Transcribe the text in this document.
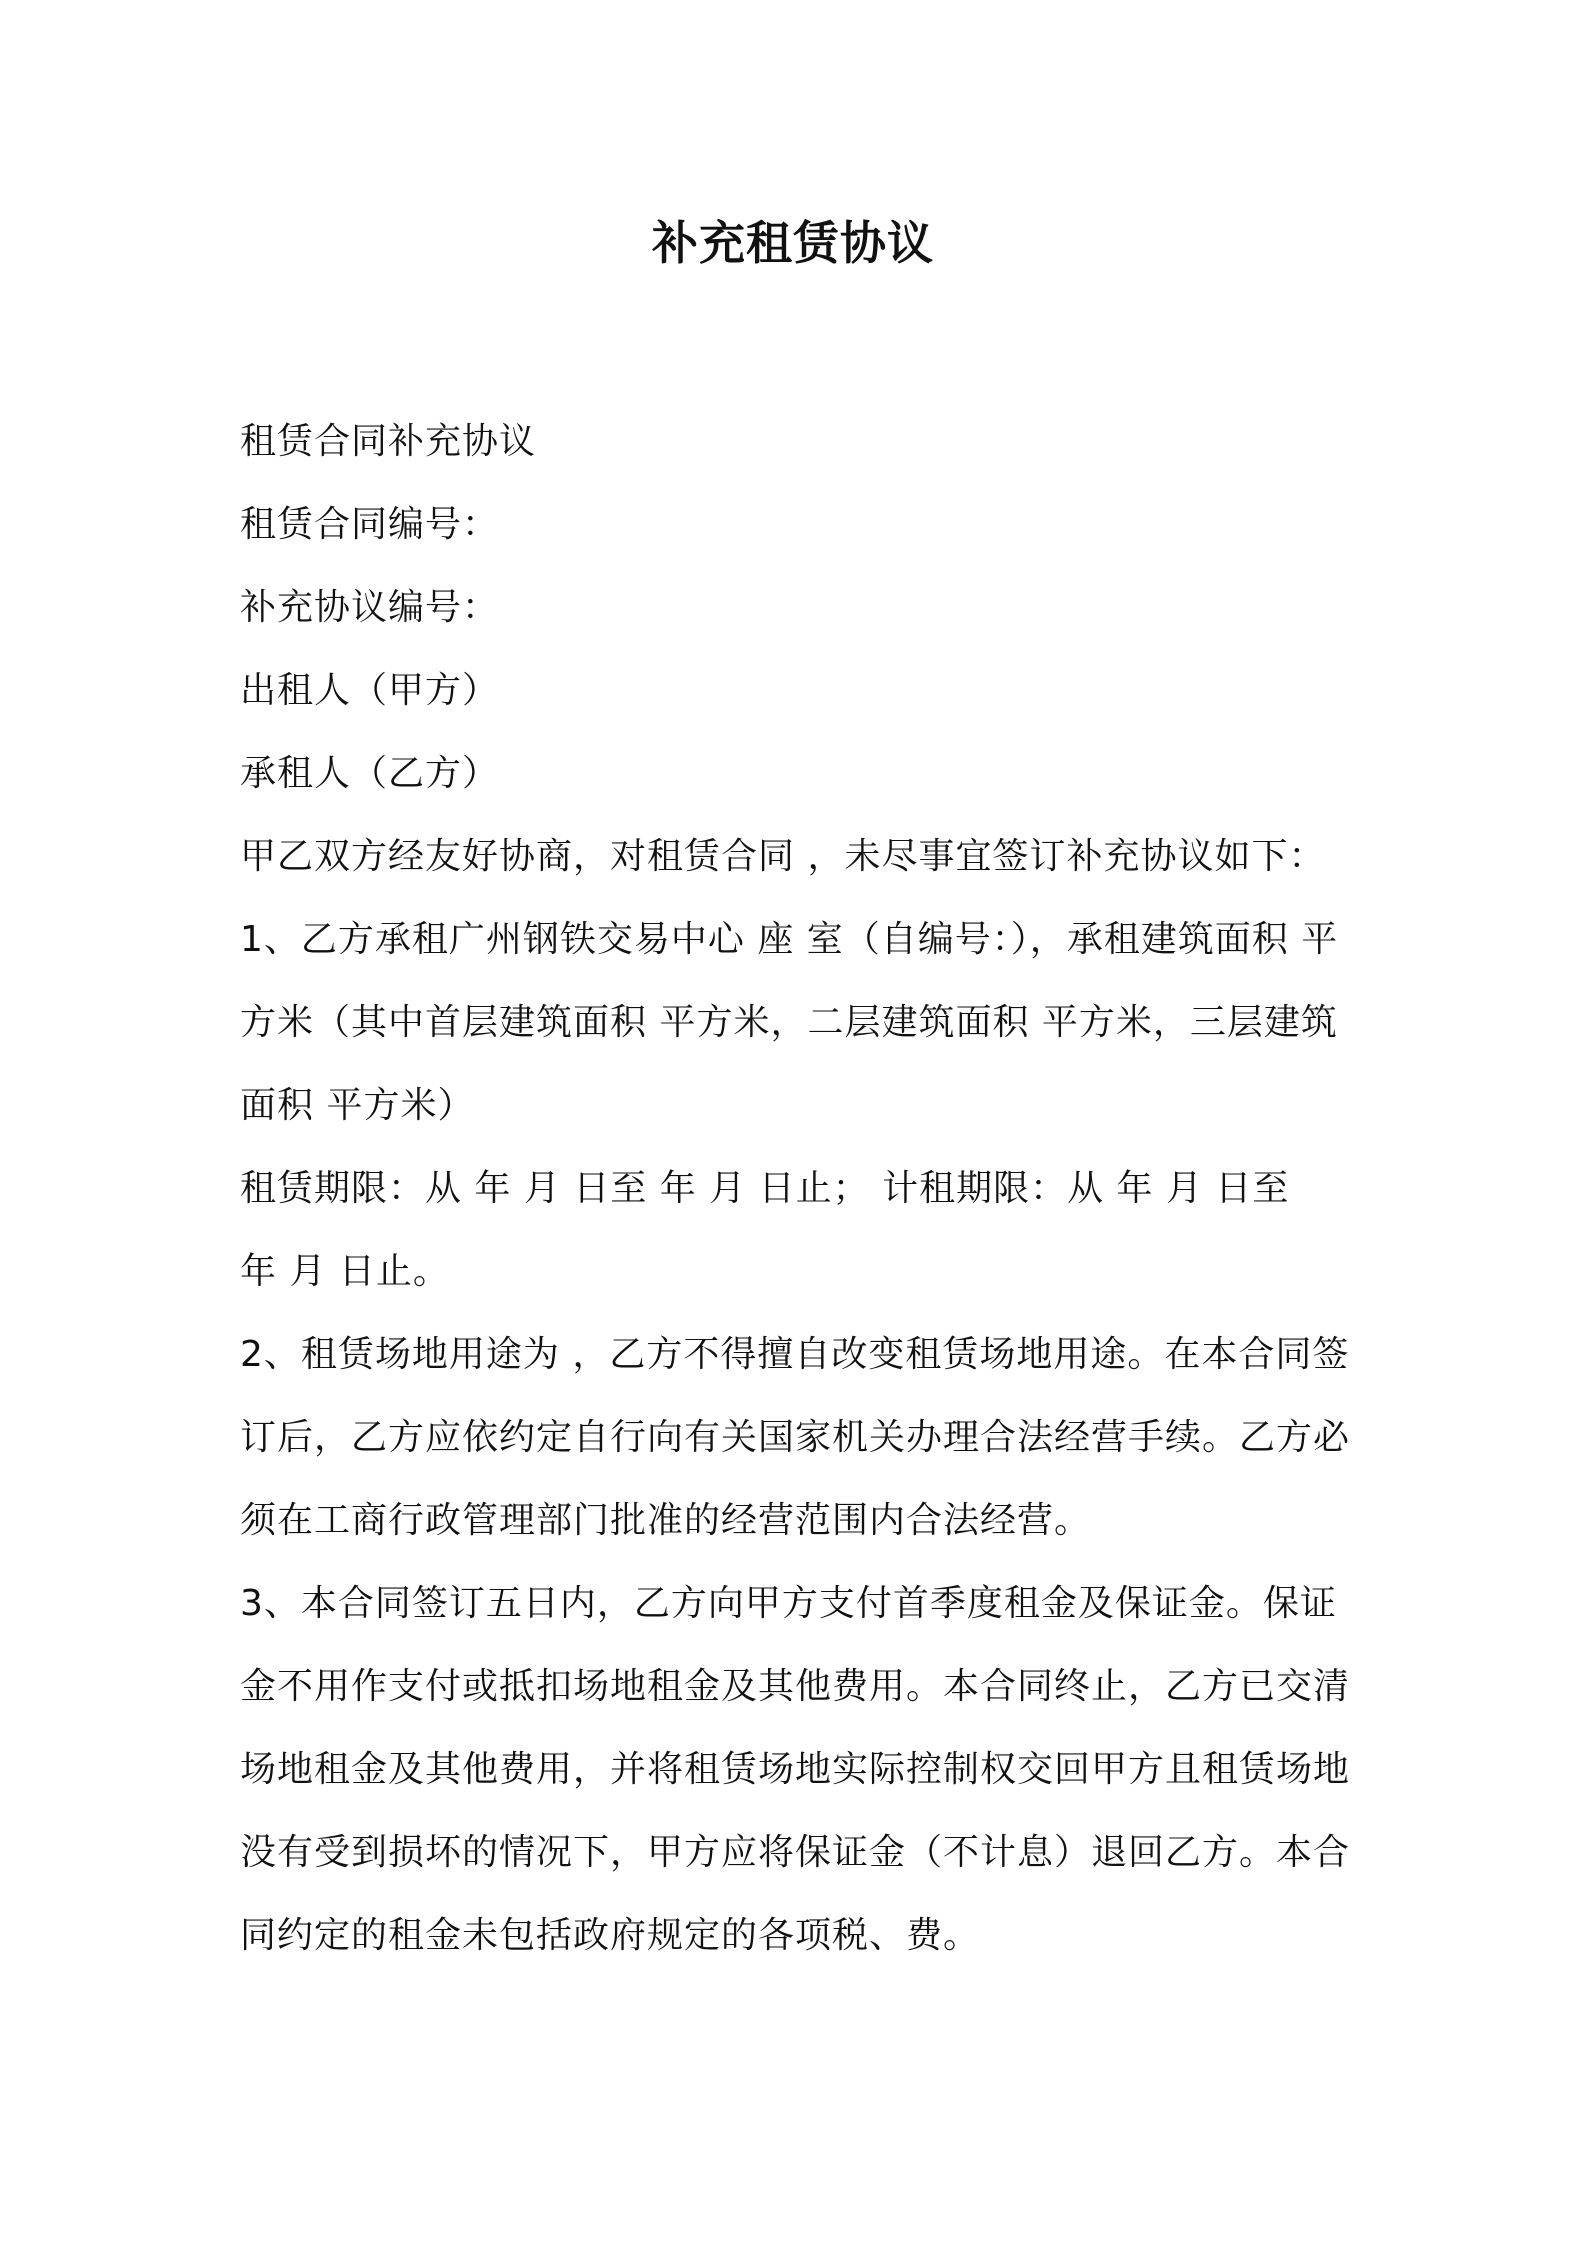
补充租赁协议
租赁合同补充协议
租赁合同编号：
补充协议编号：
出租人（甲方）
承租人（乙方）
甲乙双方经友好协商，对租赁合同 ，未尽事宜签订补充协议如下：
1、乙方承租广州钢铁交易中心 座 室（自编号：），承租建筑面积 平
方米（其中首层建筑面积 平方米，二层建筑面积 平方米，三层建筑
面积 平方米）
租赁期限：从 年 月 日至 年 月 日止； 计租期限：从 年 月 日至
年 月 日止。
2、租赁场地用途为 ，乙方不得擅自改变租赁场地用途。在本合同签
订后，乙方应依约定自行向有关国家机关办理合法经营手续。乙方必
须在工商行政管理部门批准的经营范围内合法经营。
3、本合同签订五日内，乙方向甲方支付首季度租金及保证金。保证
金不用作支付或抵扣场地租金及其他费用。本合同终止，乙方已交清
场地租金及其他费用，并将租赁场地实际控制权交回甲方且租赁场地
没有受到损坏的情况下，甲方应将保证金（不计息）退回乙方。本合
同约定的租金未包括政府规定的各项税、费。
